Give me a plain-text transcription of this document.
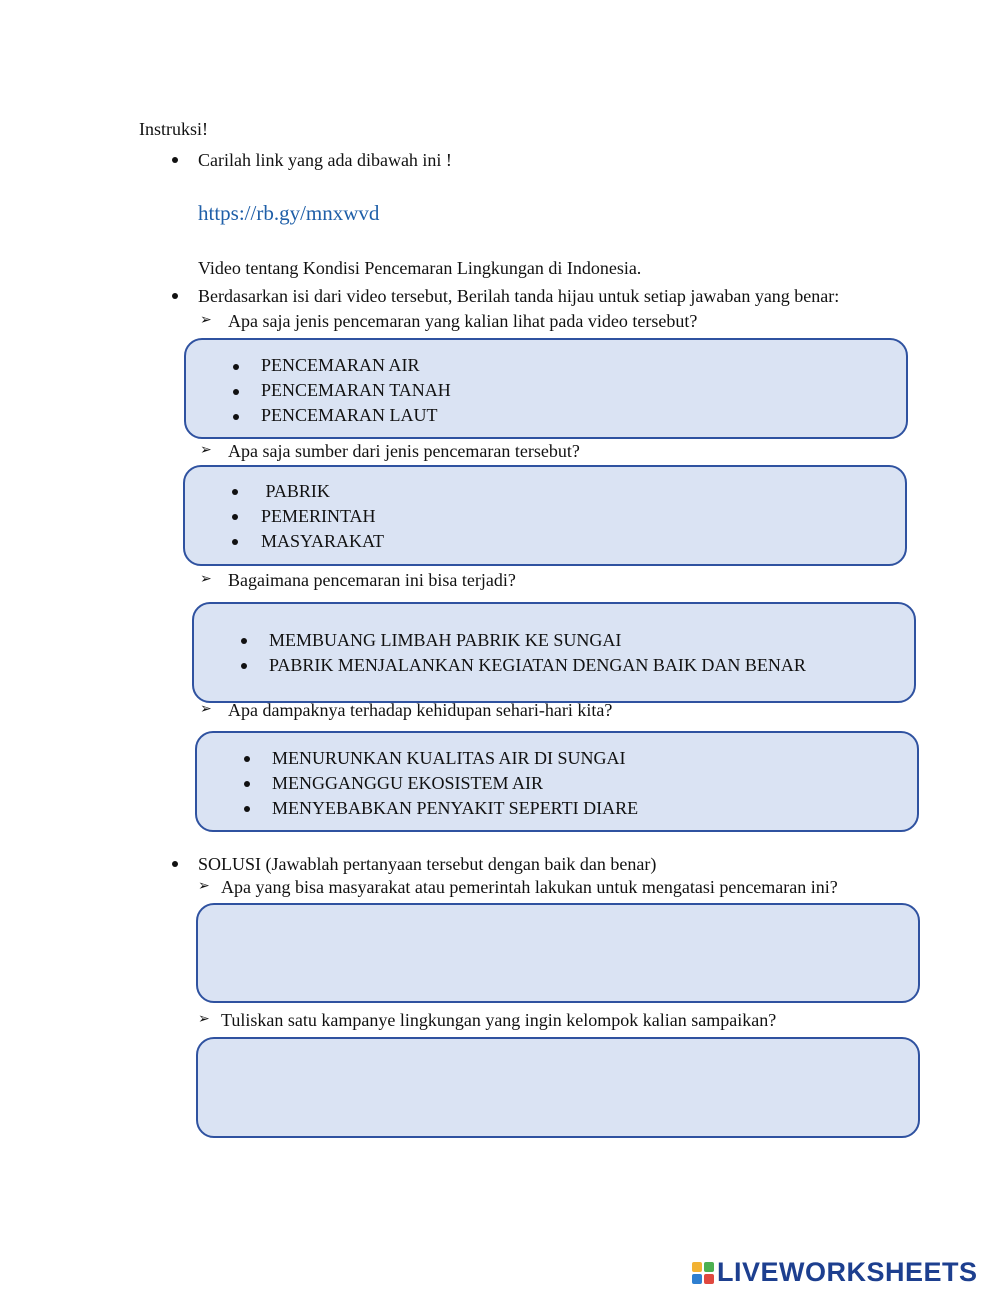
Instruksi!
Carilah link yang ada dibawah ini !
https://rb.gy/mnxwvd
Video tentang Kondisi Pencemaran Lingkungan di Indonesia.
Berdasarkan isi dari video tersebut, Berilah tanda hijau untuk setiap jawaban yang benar:
➢ Apa saja jenis pencemaran yang kalian lihat pada video tersebut?
PENCEMARAN AIR
PENCEMARAN TANAH
PENCEMARAN LAUT
➢ Apa saja sumber dari jenis pencemaran tersebut?
PABRIK
PEMERINTAH
MASYARAKAT
➢ Bagaimana pencemaran ini bisa terjadi?
MEMBUANG LIMBAH PABRIK KE SUNGAI
PABRIK MENJALANKAN KEGIATAN DENGAN BAIK DAN BENAR
➢ Apa dampaknya terhadap kehidupan sehari-hari kita?
MENURUNKAN KUALITAS AIR DI SUNGAI
MENGGANGGU EKOSISTEM AIR
MENYEBABKAN PENYAKIT SEPERTI DIARE
SOLUSI (Jawablah pertanyaan tersebut dengan baik dan benar)
➢ Apa yang bisa masyarakat atau pemerintah lakukan untuk mengatasi pencemaran ini?
➢ Tuliskan satu kampanye lingkungan yang ingin kelompok kalian sampaikan?
LIVEWORKSHEETS
